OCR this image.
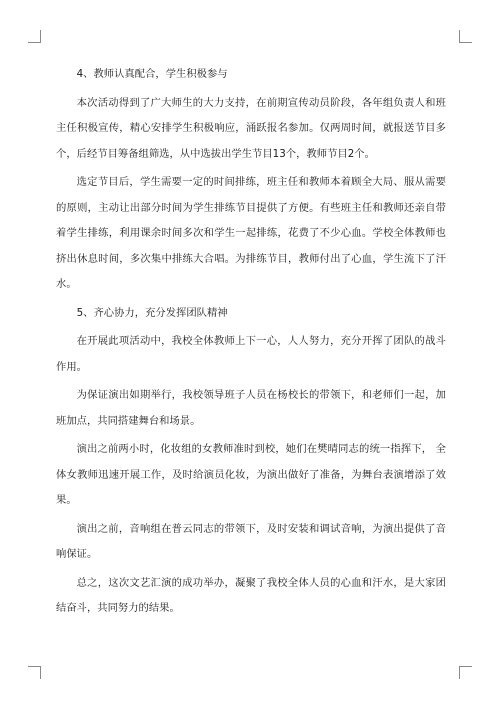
4、教师认真配合，学生积极参与

本次活动得到了广大师生的大力支持，在前期宣传动员阶段，各年组负责人和班主任积极宣传，精心安排学生积极响应，涌跃报名参加。仅两周时间，就报送节目多个，后经节目筹备组筛选，从中选拔出学生节目13个，教师节目2个。

选定节目后，学生需要一定的时间排练，班主任和教师本着顾全大局、服从需要的原则，主动让出部分时间为学生排练节目提供了方便。有些班主任和教师还亲自带着学生排练，利用课余时间多次和学生一起排练，花费了不少心血。学校全体教师也挤出休息时间，多次集中排练大合唱。为排练节目，教师付出了心血，学生流下了汗水。

5、齐心协力，充分发挥团队精神

在开展此项活动中，我校全体教师上下一心，人人努力，充分开挥了团队的战斗作用。

为保证演出如期举行，我校领导班子人员在杨校长的带领下，和老师们一起，加班加点，共同搭建舞台和场景。

演出之前两小时，化妆组的女教师准时到校，她们在樊晴同志的统一指挥下， 全体女教师迅速开展工作，及时给演员化妆，为演出做好了准备，为舞台表演增添了效果。

演出之前，音响组在普云同志的带领下，及时安装和调试音响，为演出提供了音响保证。

总之，这次文艺汇演的成功举办，凝聚了我校全体人员的心血和汗水，是大家团结奋斗，共同努力的结果。
